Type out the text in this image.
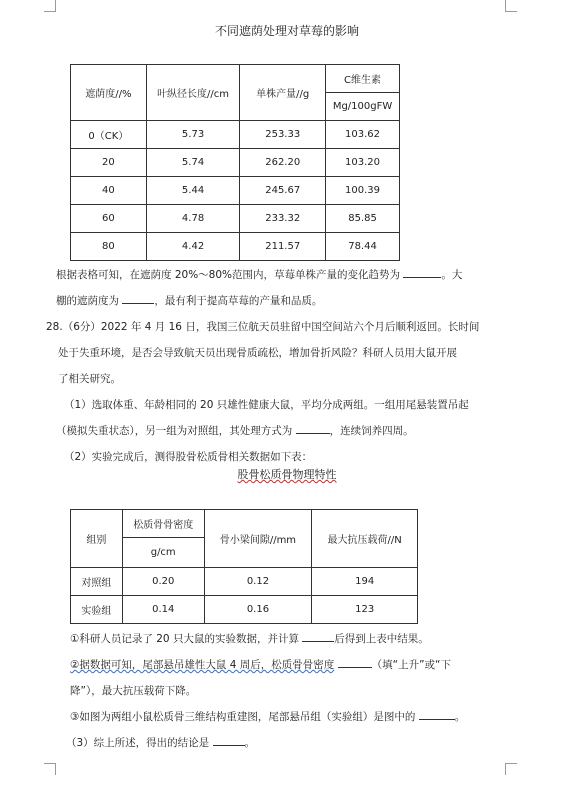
不同遮荫处理对草莓的影响
遮荫度//%	叶纵径长度//cm	单株产量//g	C维生素
			Mg/100gFW
0（CK）	5.73	253.33	103.62
20	5.74	262.20	103.20
40	5.44	245.67	100.39
60	4.78	233.32	85.85
80	4.42	211.57	78.44
根据表格可知，在遮荫度 20%～80%范围内，草莓单株产量的变化趋势为	。大
棚的遮荫度为	，最有利于提高草莓的产量和品质。
28.（6分）2022 年 4 月 16 日，我国三位航天员驻留中国空间站六个月后顺利返回。长时间
处于失重环境，是否会导致航天员出现骨质疏松，增加骨折风险？科研人员用大鼠开展
了相关研究。
（1）选取体重、年龄相同的 20 只雄性健康大鼠，平均分成两组。一组用尾悬装置吊起
（模拟失重状态），另一组为对照组，其处理方式为	，连续饲养四周。
（2）实验完成后，测得股骨松质骨相关数据如下表：
股骨松质骨物理特性
组别	松质骨骨密度	骨小梁间隙//mm	最大抗压载荷//N
	g/cm		
对照组	0.20	0.12	194
实验组	0.14	0.16	123
①科研人员记录了 20 只大鼠的实验数据，并计算	后得到上表中结果。
②据数据可知，尾部悬吊雄性大鼠 4 周后，松质骨骨密度	（填“上升”或“下
降”），最大抗压载荷下降。
③如图为两组小鼠松质骨三维结构重建图，尾部悬吊组（实验组）是图中的	。
（3）综上所述，得出的结论是	。
